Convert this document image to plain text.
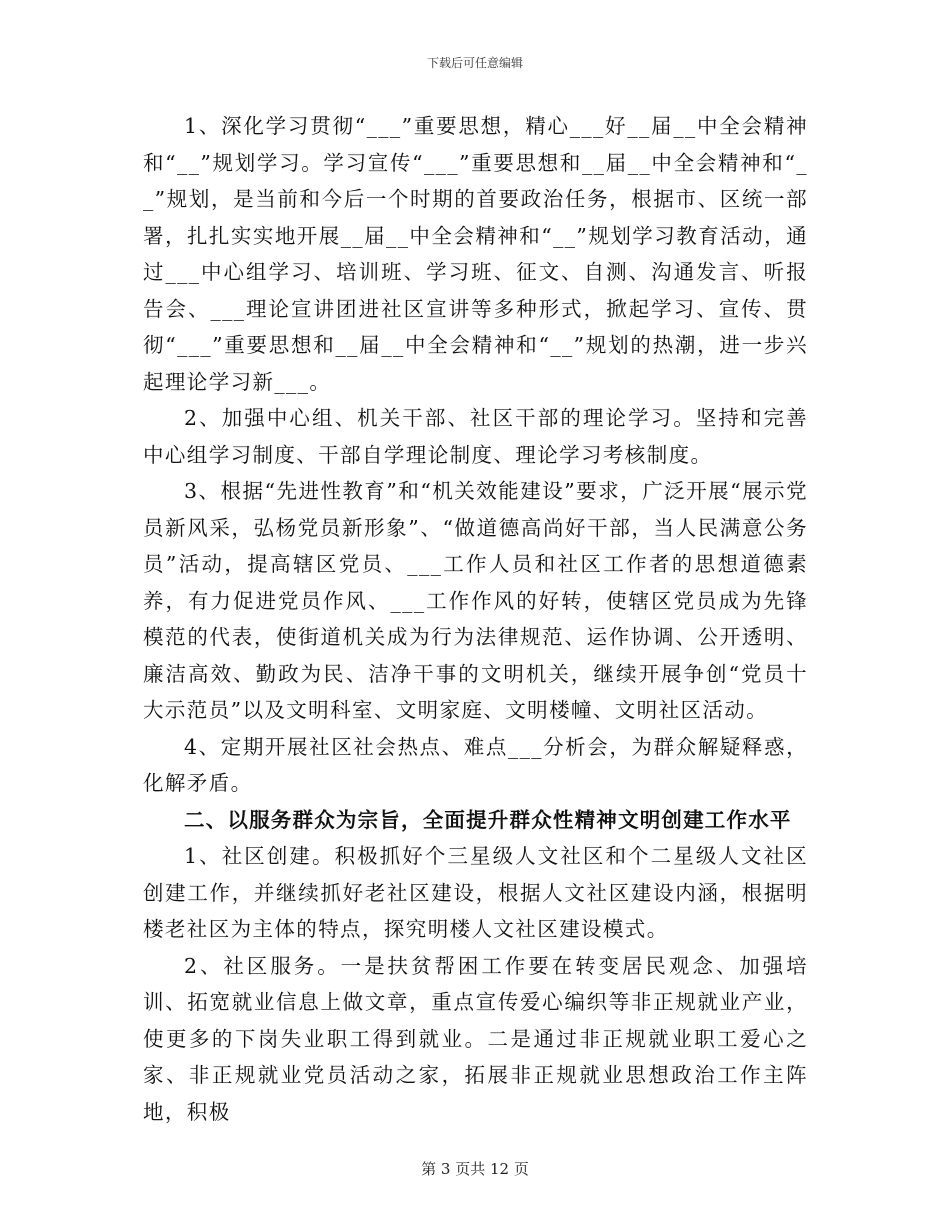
下载后可任意编辑

1、深化学习贯彻“___”重要思想，精心___好__届__中全会精神和“__”规划学习。学习宣传“___”重要思想和__届__中全会精神和“__”规划，是当前和今后一个时期的首要政治任务，根据市、区统一部署，扎扎实实地开展__届__中全会精神和“__”规划学习教育活动，通过___中心组学习、培训班、学习班、征文、自测、沟通发言、听报告会、___理论宣讲团进社区宣讲等多种形式，掀起学习、宣传、贯彻“___”重要思想和__届__中全会精神和“__”规划的热潮，进一步兴起理论学习新___。

2、加强中心组、机关干部、社区干部的理论学习。坚持和完善中心组学习制度、干部自学理论制度、理论学习考核制度。

3、根据“先进性教育”和“机关效能建设”要求，广泛开展“展示党员新风采，弘杨党员新形象”、“做道德高尚好干部，当人民满意公务员”活动，提高辖区党员、___工作人员和社区工作者的思想道德素养，有力促进党员作风、___工作作风的好转，使辖区党员成为先锋模范的代表，使街道机关成为行为法律规范、运作协调、公开透明、廉洁高效、勤政为民、洁净干事的文明机关，继续开展争创“党员十大示范员”以及文明科室、文明家庭、文明楼幢、文明社区活动。

4、定期开展社区社会热点、难点___分析会，为群众解疑释惑，化解矛盾。

二、以服务群众为宗旨，全面提升群众性精神文明创建工作水平

1、社区创建。积极抓好个三星级人文社区和个二星级人文社区创建工作，并继续抓好老社区建设，根据人文社区建设内涵，根据明楼老社区为主体的特点，探究明楼人文社区建设模式。

2、社区服务。一是扶贫帮困工作要在转变居民观念、加强培训、拓宽就业信息上做文章，重点宣传爱心编织等非正规就业产业，使更多的下岗失业职工得到就业。二是通过非正规就业职工爱心之家、非正规就业党员活动之家，拓展非正规就业思想政治工作主阵地，积极

第 3 页共 12 页
